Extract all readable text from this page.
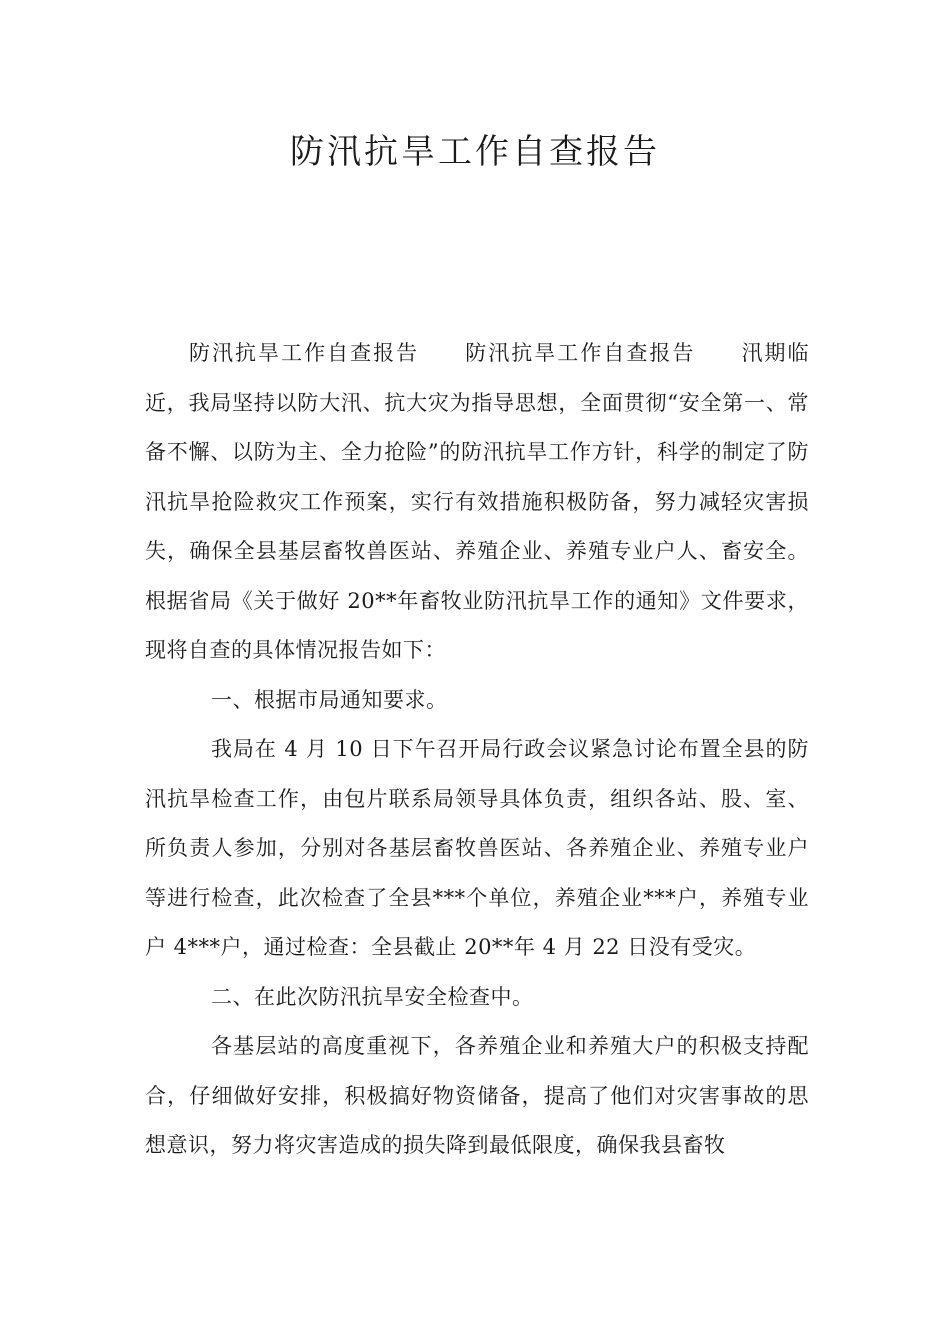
防汛抗旱工作自查报告

防汛抗旱工作自查报告　　防汛抗旱工作自查报告　　汛期临近，我局坚持以防大汛、抗大灾为指导思想，全面贯彻“安全第一、常备不懈、以防为主、全力抢险”的防汛抗旱工作方针，科学的制定了防汛抗旱抢险救灾工作预案，实行有效措施积极防备，努力减轻灾害损失，确保全县基层畜牧兽医站、养殖企业、养殖专业户人、畜安全。根据省局《关于做好 20**年畜牧业防汛抗旱工作的通知》文件要求，现将自查的具体情况报告如下：

一、根据市局通知要求。

我局在 4 月 10 日下午召开局行政会议紧急讨论布置全县的防汛抗旱检查工作，由包片联系局领导具体负责，组织各站、股、室、所负责人参加，分别对各基层畜牧兽医站、各养殖企业、养殖专业户等进行检查，此次检查了全县***个单位，养殖企业***户，养殖专业户 4***户，通过检查：全县截止 20**年 4 月 22 日没有受灾。

二、在此次防汛抗旱安全检查中。

各基层站的高度重视下，各养殖企业和养殖大户的积极支持配合，仔细做好安排，积极搞好物资储备，提高了他们对灾害事故的思想意识，努力将灾害造成的损失降到最低限度，确保我县畜牧
